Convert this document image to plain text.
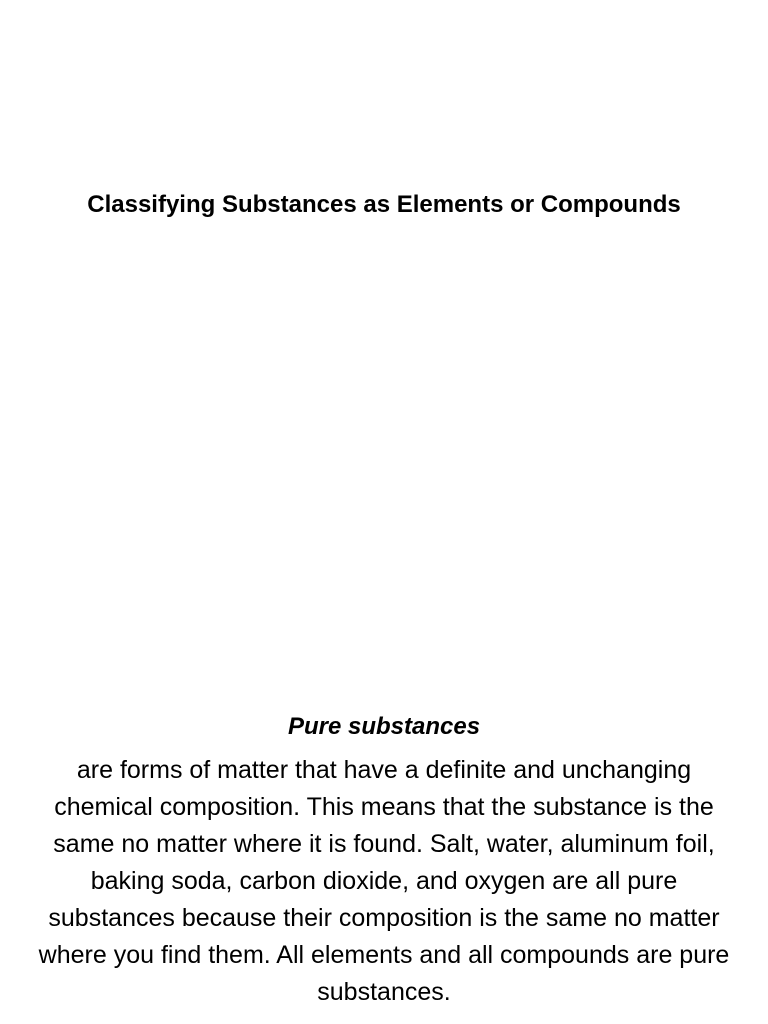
Classifying Substances as Elements or Compounds
Pure substances

are forms of matter that have a definite and unchanging chemical composition. This means that the substance is the same no matter where it is found. Salt, water, aluminum foil, baking soda, carbon dioxide, and oxygen are all pure substances because their composition is the same no matter where you find them. All elements and all compounds are pure substances.
